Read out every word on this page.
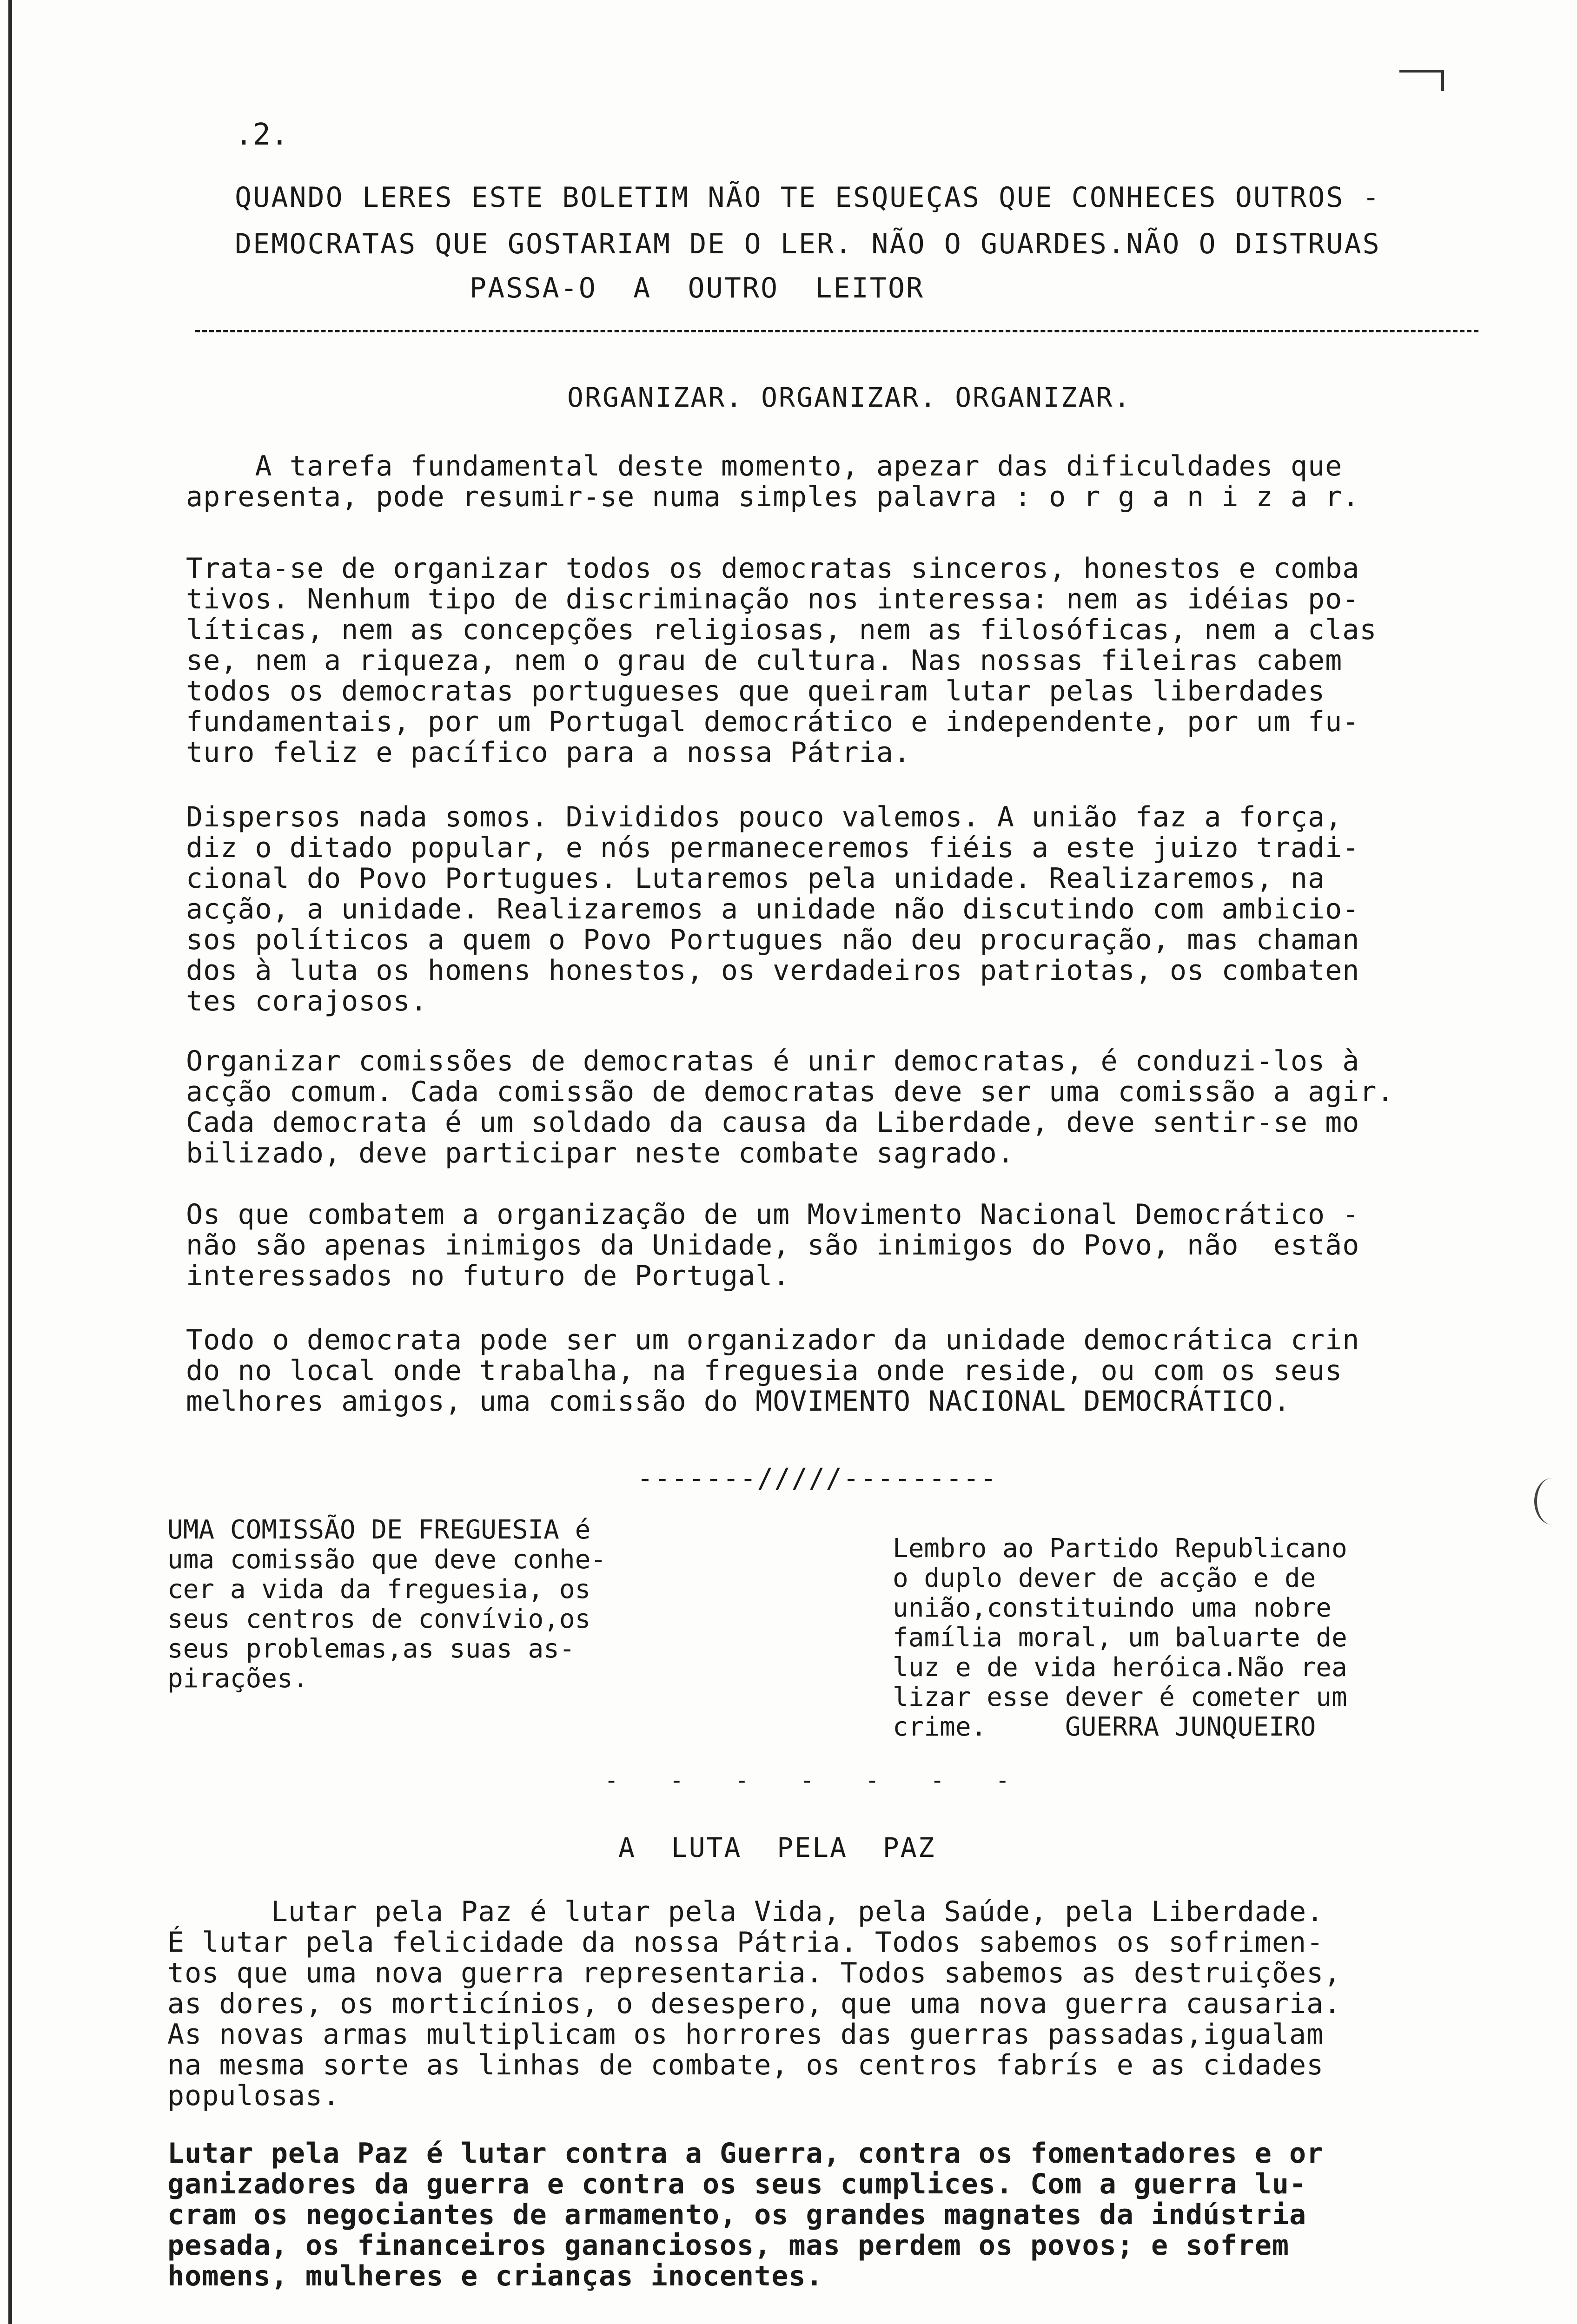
.2.
QUANDO LERES ESTE BOLETIM NÃO TE ESQUEÇAS QUE CONHECES OUTROS -
DEMOCRATAS QUE GOSTARIAM DE O LER. NÃO O GUARDES.NÃO O DISTRUAS
PASSA-O  A  OUTRO  LEITOR
ORGANIZAR. ORGANIZAR. ORGANIZAR.
A tarefa fundamental deste momento, apezar das dificuldades que
apresenta, pode resumir-se numa simples palavra : o r g a n i z a r.
Trata-se de organizar todos os democratas sinceros, honestos e comba
tivos. Nenhum tipo de discriminação nos interessa: nem as idéias po-
líticas, nem as concepções religiosas, nem as filosóficas, nem a clas
se, nem a riqueza, nem o grau de cultura. Nas nossas fileiras cabem
todos os democratas portugueses que queiram lutar pelas liberdades
fundamentais, por um Portugal democrático e independente, por um fu-
turo feliz e pacífico para a nossa Pátria.
Dispersos nada somos. Divididos pouco valemos. A união faz a força,
diz o ditado popular, e nós permaneceremos fiéis a este juizo tradi-
cional do Povo Portugues. Lutaremos pela unidade. Realizaremos, na
acção, a unidade. Realizaremos a unidade não discutindo com ambicio-
sos políticos a quem o Povo Portugues não deu procuração, mas chaman
dos à luta os homens honestos, os verdadeiros patriotas, os combaten
tes corajosos.
Organizar comissões de democratas é unir democratas, é conduzi-los à
acção comum. Cada comissão de democratas deve ser uma comissão a agir.
Cada democrata é um soldado da causa da Liberdade, deve sentir-se mo
bilizado, deve participar neste combate sagrado.
Os que combatem a organização de um Movimento Nacional Democrático -
não são apenas inimigos da Unidade, são inimigos do Povo, não  estão
interessados no futuro de Portugal.
Todo o democrata pode ser um organizador da unidade democrática crin
do no local onde trabalha, na freguesia onde reside, ou com os seus
melhores amigos, uma comissão do MOVIMENTO NACIONAL DEMOCRÁTICO.
-------/////---------
UMA COMISSÃO DE FREGUESIA é
uma comissão que deve conhe-
cer a vida da freguesia, os
seus centros de convívio,os
seus problemas,as suas as-
pirações.
Lembro ao Partido Republicano
o duplo dever de acção e de
união,constituindo uma nobre
família moral, um baluarte de
luz e de vida heróica.Não rea
lizar esse dever é cometer um
crime.     GUERRA JUNQUEIRO
- - - - - - -
A  LUTA  PELA  PAZ
Lutar pela Paz é lutar pela Vida, pela Saúde, pela Liberdade.
É lutar pela felicidade da nossa Pátria. Todos sabemos os sofrimen-
tos que uma nova guerra representaria. Todos sabemos as destruições,
as dores, os morticínios, o desespero, que uma nova guerra causaria.
As novas armas multiplicam os horrores das guerras passadas,igualam
na mesma sorte as linhas de combate, os centros fabrís e as cidades
populosas.
Lutar pela Paz é lutar contra a Guerra, contra os fomentadores e or
ganizadores da guerra e contra os seus cumplices. Com a guerra lu-
cram os negociantes de armamento, os grandes magnates da indústria
pesada, os financeiros gananciosos, mas perdem os povos; e sofrem
homens, mulheres e crianças inocentes.
